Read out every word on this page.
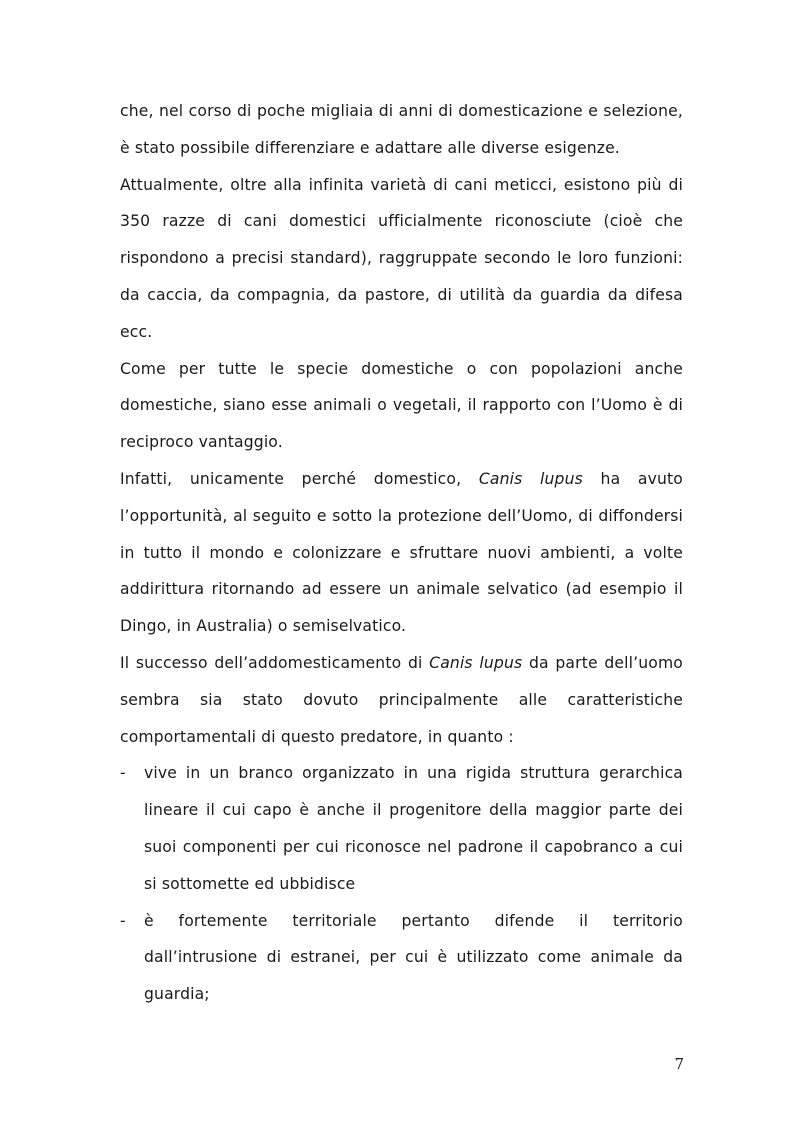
che, nel corso di poche migliaia di anni di domesticazione e selezione, è stato possibile differenziare e adattare alle diverse esigenze.

Attualmente, oltre alla infinita varietà di cani meticci, esistono più di 350 razze di cani domestici ufficialmente riconosciute (cioè che rispondono a precisi standard), raggruppate secondo le loro funzioni: da caccia, da compagnia, da pastore, di utilità da guardia da difesa ecc.

Come per tutte le specie domestiche o con popolazioni anche domestiche, siano esse animali o vegetali, il rapporto con l’Uomo è di reciproco vantaggio.

Infatti, unicamente perché domestico, Canis lupus ha avuto l’opportunità, al seguito e sotto la protezione dell’Uomo, di diffondersi in tutto il mondo e colonizzare e sfruttare nuovi ambienti, a volte addirittura ritornando ad essere un animale selvatico (ad esempio il Dingo, in Australia) o semiselvatico.

Il successo dell’addomesticamento di Canis lupus da parte dell’uomo sembra sia stato dovuto principalmente alle caratteristiche comportamentali di questo predatore, in quanto :

- vive in un branco organizzato in una rigida struttura gerarchica lineare il cui capo è anche il progenitore della maggior parte dei suoi componenti per cui riconosce nel padrone il capobranco a cui si sottomette ed ubbidisce
- è fortemente territoriale pertanto difende il territorio dall’intrusione di estranei, per cui è utilizzato come animale da guardia;
7
